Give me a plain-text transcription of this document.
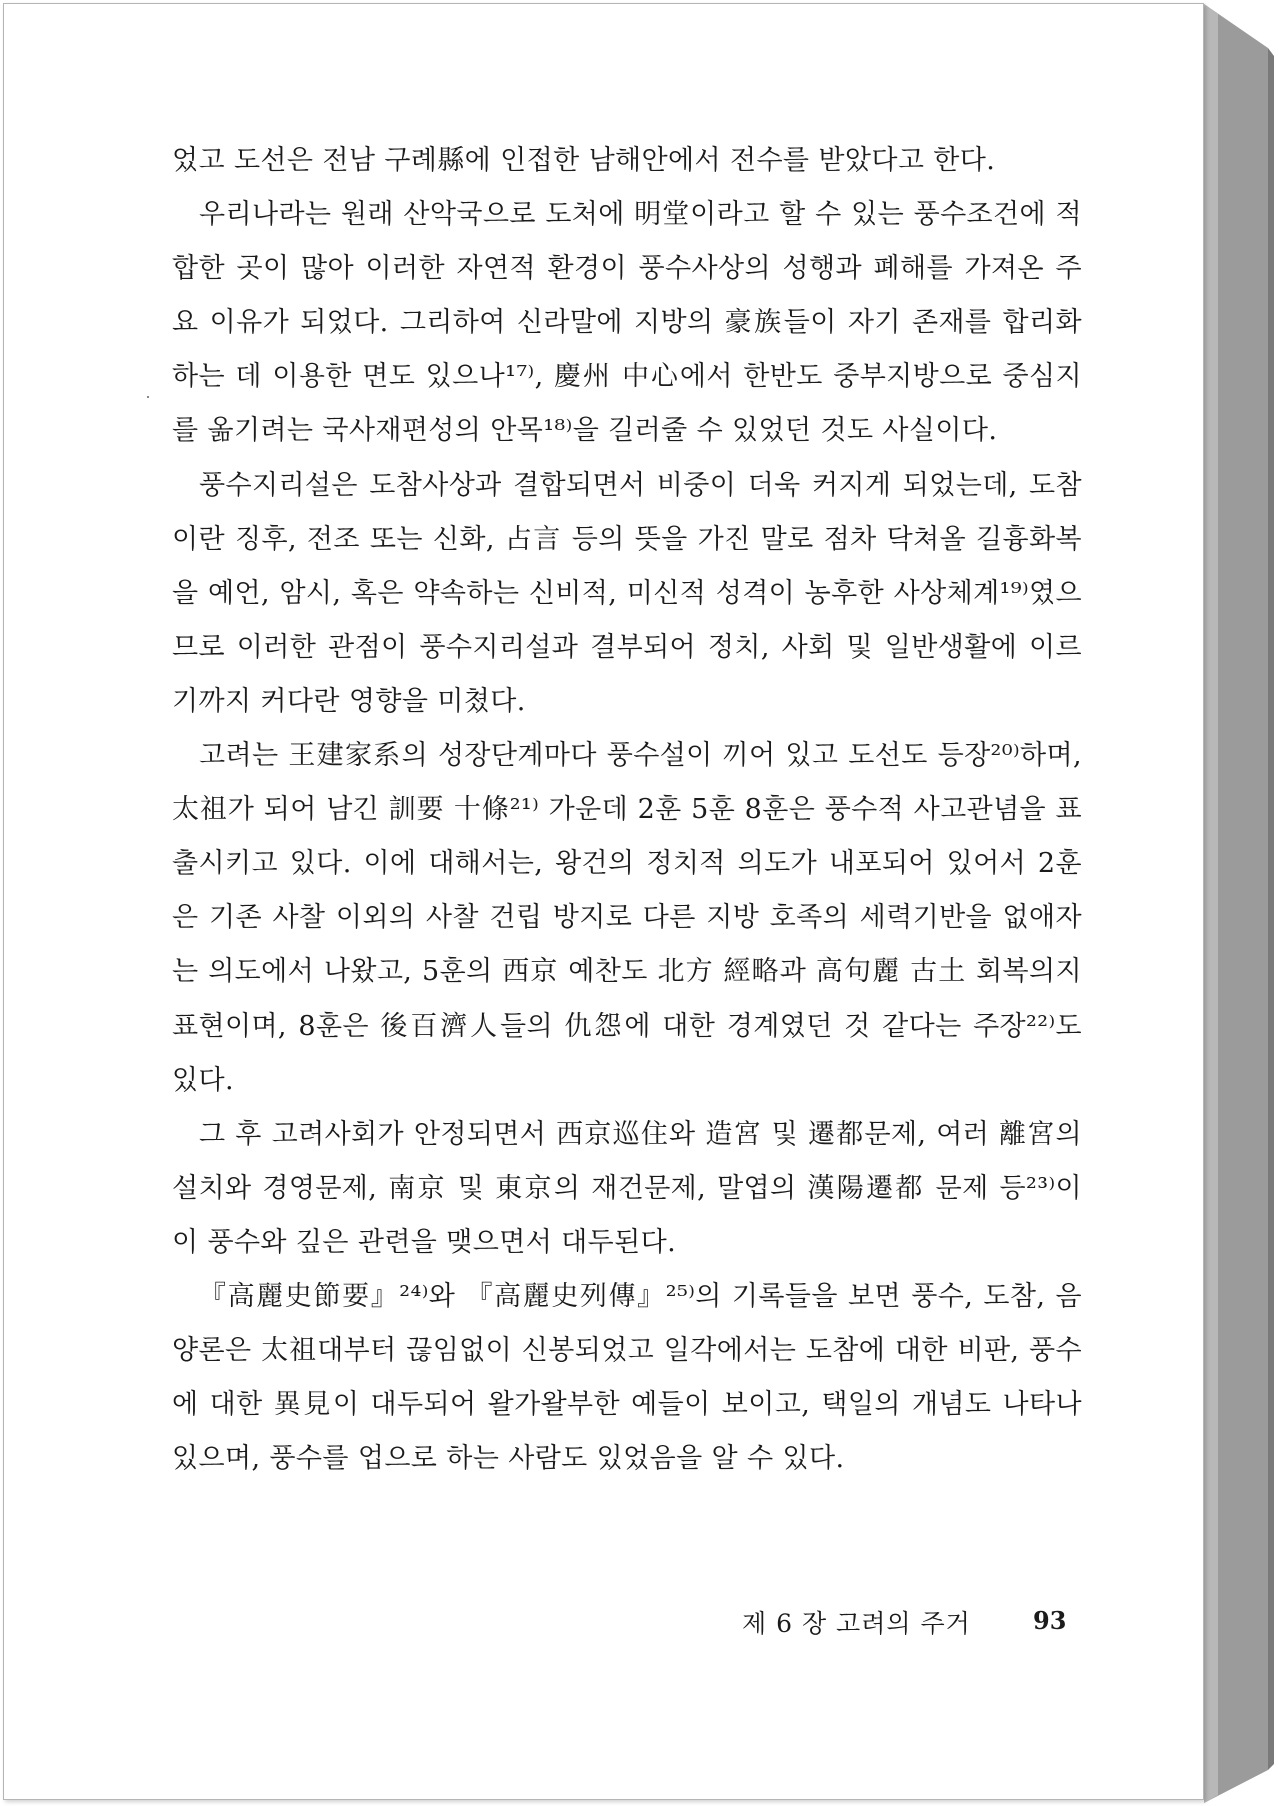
었고 도선은 전남 구례縣에 인접한 남해안에서 전수를 받았다고 한다.

우리나라는 원래 산악국으로 도처에 明堂이라고 할 수 있는 풍수조건에 적합한 곳이 많아 이러한 자연적 환경이 풍수사상의 성행과 폐해를 가져온 주요 이유가 되었다. 그리하여 신라말에 지방의 豪族들이 자기 존재를 합리화하는 데 이용한 면도 있으나¹⁷⁾, 慶州 中心에서 한반도 중부지방으로 중심지를 옮기려는 국사재편성의 안목¹⁸⁾을 길러줄 수 있었던 것도 사실이다.

풍수지리설은 도참사상과 결합되면서 비중이 더욱 커지게 되었는데, 도참이란 징후, 전조 또는 신화, 占言 등의 뜻을 가진 말로 점차 닥쳐올 길흉화복을 예언, 암시, 혹은 약속하는 신비적, 미신적 성격이 농후한 사상체계¹⁹⁾였으므로 이러한 관점이 풍수지리설과 결부되어 정치, 사회 및 일반생활에 이르기까지 커다란 영향을 미쳤다.

고려는 王建家系의 성장단계마다 풍수설이 끼어 있고 도선도 등장²⁰⁾하며, 太祖가 되어 남긴 訓要 十條²¹⁾ 가운데 2훈 5훈 8훈은 풍수적 사고관념을 표출시키고 있다. 이에 대해서는, 왕건의 정치적 의도가 내포되어 있어서 2훈은 기존 사찰 이외의 사찰 건립 방지로 다른 지방 호족의 세력기반을 없애자는 의도에서 나왔고, 5훈의 西京 예찬도 北方 經略과 高句麗 古土 회복의지 표현이며, 8훈은 後百濟人들의 仇怨에 대한 경계였던 것 같다는 주장²²⁾도 있다.

그 후 고려사회가 안정되면서 西京巡住와 造宮 및 遷都문제, 여러 離宮의 설치와 경영문제, 南京 및 東京의 재건문제, 말엽의 漢陽遷都 문제 등²³⁾이 이 풍수와 깊은 관련을 맺으면서 대두된다.

『高麗史節要』²⁴⁾와 『高麗史列傳』²⁵⁾의 기록들을 보면 풍수, 도참, 음양론은 太祖대부터 끊임없이 신봉되었고 일각에서는 도참에 대한 비판, 풍수에 대한 異見이 대두되어 왈가왈부한 예들이 보이고, 택일의 개념도 나타나 있으며, 풍수를 업으로 하는 사람도 있었음을 알 수 있다.

제 6 장 고려의 주거	93
